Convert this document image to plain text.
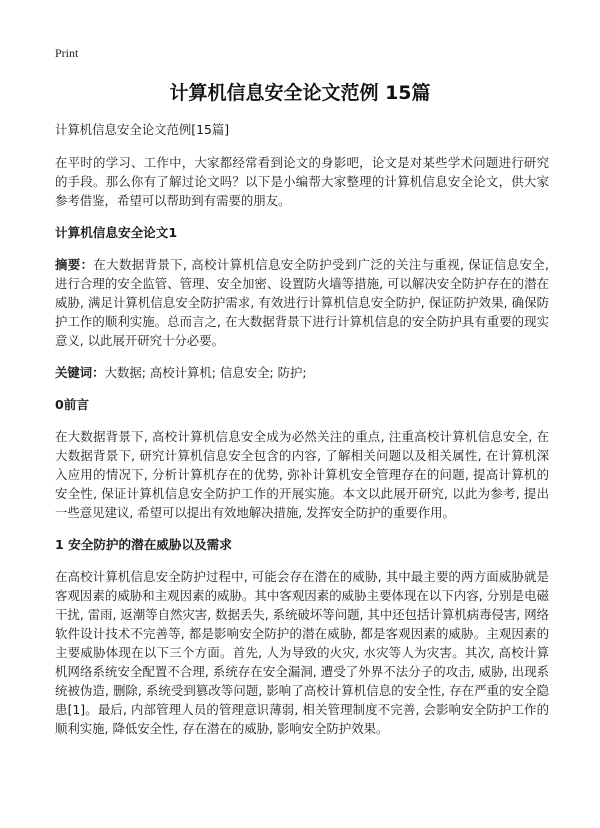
Print
计算机信息安全论文范例 15篇

计算机信息安全论文范例[15篇]

在平时的学习、工作中，大家都经常看到论文的身影吧，论文是对某些学术问题进行研究的手段。那么你有了解过论文吗？以下是小编帮大家整理的计算机信息安全论文，供大家参考借鉴，希望可以帮助到有需要的朋友。

计算机信息安全论文1

摘要：在大数据背景下, 高校计算机信息安全防护受到广泛的关注与重视, 保证信息安全, 进行合理的安全监管、管理、安全加密、设置防火墙等措施, 可以解决安全防护存在的潜在威胁, 满足计算机信息安全防护需求, 有效进行计算机信息安全防护, 保证防护效果, 确保防护工作的顺利实施。总而言之, 在大数据背景下进行计算机信息的安全防护具有重要的现实意义, 以此展开研究十分必要。

关键词：大数据; 高校计算机; 信息安全; 防护;

0前言

在大数据背景下, 高校计算机信息安全成为必然关注的重点, 注重高校计算机信息安全, 在大数据背景下, 研究计算机信息安全包含的内容, 了解相关问题以及相关属性, 在计算机深入应用的情况下, 分析计算机存在的优势, 弥补计算机安全管理存在的问题, 提高计算机的安全性, 保证计算机信息安全防护工作的开展实施。本文以此展开研究, 以此为参考, 提出一些意见建议, 希望可以提出有效地解决措施, 发挥安全防护的重要作用。

1 安全防护的潜在威胁以及需求

在高校计算机信息安全防护过程中, 可能会存在潜在的威胁, 其中最主要的两方面威胁就是客观因素的威胁和主观因素的威胁。其中客观因素的威胁主要体现在以下内容, 分别是电磁干扰, 雷雨, 返潮等自然灾害, 数据丢失, 系统破坏等问题, 其中还包括计算机病毒侵害, 网络软件设计技术不完善等, 都是影响安全防护的潜在威胁, 都是客观因素的威胁。主观因素的主要威胁体现在以下三个方面。首先, 人为导致的火灾, 水灾等人为灾害。其次, 高校计算机网络系统安全配置不合理, 系统存在安全漏洞, 遭受了外界不法分子的攻击, 威胁, 出现系统被伪造, 删除, 系统受到篡改等问题, 影响了高校计算机信息的安全性, 存在严重的安全隐患[1]。最后, 内部管理人员的管理意识薄弱, 相关管理制度不完善, 会影响安全防护工作的顺利实施, 降低安全性, 存在潜在的威胁, 影响安全防护效果。
